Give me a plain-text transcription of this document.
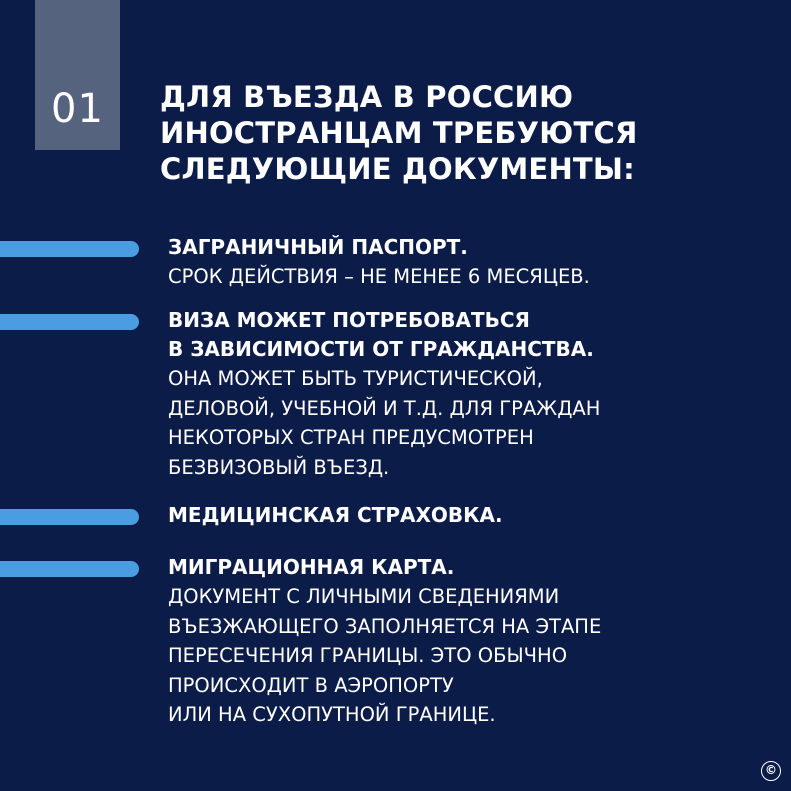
01	ДЛЯ ВЪЕЗДА В РОССИЮ
ИНОСТРАНЦАМ ТРЕБУЮТСЯ
СЛЕДУЮЩИЕ ДОКУМЕНТЫ:
ЗАГРАНИЧНЫЙ ПАСПОРТ.
СРОК ДЕЙСТВИЯ – НЕ МЕНЕЕ 6 МЕСЯЦЕВ.
ВИЗА МОЖЕТ ПОТРЕБОВАТЬСЯ
В ЗАВИСИМОСТИ ОТ ГРАЖДАНСТВА.
ОНА МОЖЕТ БЫТЬ ТУРИСТИЧЕСКОЙ,
ДЕЛОВОЙ, УЧЕБНОЙ И Т.Д. ДЛЯ ГРАЖДАН
НЕКОТОРЫХ СТРАН ПРЕДУСМОТРЕН
БЕЗВИЗОВЫЙ ВЪЕЗД.
МЕДИЦИНСКАЯ СТРАХОВКА.
МИГРАЦИОННАЯ КАРТА.
ДОКУМЕНТ С ЛИЧНЫМИ СВЕДЕНИЯМИ
ВЪЕЗЖАЮЩЕГО ЗАПОЛНЯЕТСЯ НА ЭТАПЕ
ПЕРЕСЕЧЕНИЯ ГРАНИЦЫ. ЭТО ОБЫЧНО
ПРОИСХОДИТ В АЭРОПОРТУ
ИЛИ НА СУХОПУТНОЙ ГРАНИЦЕ.
©
